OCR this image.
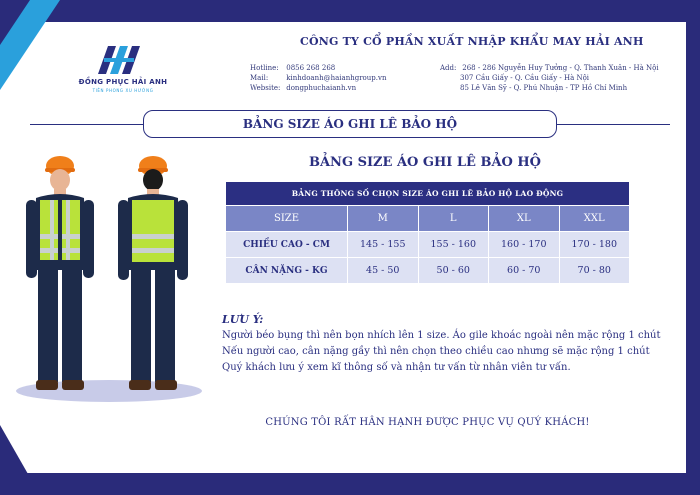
ĐỒNG PHỤC HẢI ANH
TIÊN PHONG XU HƯỚNG
CÔNG TY CỔ PHẦN XUẤT NHẬP KHẨU MAY HẢI ANH
Hotline: 0856 268 268
Mail:	kinhdoanh@haianhgroup.vn
Website: dongphuchaianh.vn
Add: 268 - 286 Nguyễn Huy Tưởng - Q. Thanh Xuân - Hà Nội
307 Cầu Giấy - Q. Cầu Giấy - Hà Nội
85 Lê Văn Sỹ - Q. Phú Nhuận - TP Hồ Chí Minh
BẢNG SIZE ÁO GHI LÊ BẢO HỘ
BẢNG SIZE ÁO GHI LÊ BẢO HỘ
BẢNG THÔNG SỐ CHỌN SIZE ÁO GHI LÊ BẢO HỘ LAO ĐỘNG				
SIZE	M	L	XL	XXL
CHIỀU CAO - CM	145 - 155	155 - 160	160 - 170	170 - 180
CÂN NẶNG - KG	45 - 50	50 - 60	60 - 70	70 - 80
LƯU Ý:
Người béo bụng thì nên bọn nhích lên 1 size. Áo gile khoác ngoài nên mặc rộng 1 chút
Nếu người cao, cân nặng gầy thì nên chọn theo chiều cao nhưng sẽ mặc rộng 1 chút
Quý khách lưu ý xem kĩ thông số và nhận tư vấn từ nhân viên tư vấn.
CHÚNG TÔI RẤT HÂN HẠNH ĐƯỢC PHỤC VỤ QUÝ KHÁCH!
